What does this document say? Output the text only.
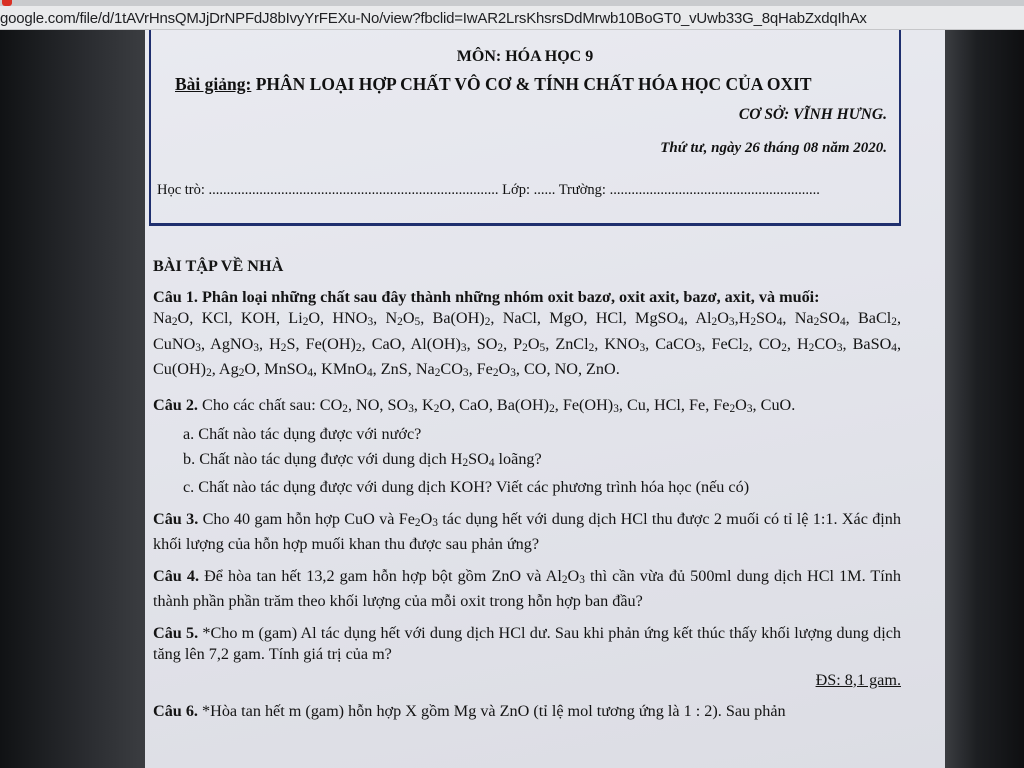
google.com/file/d/1tAVrHnsQMJjDrNPFdJ8bIvyYrFEXu-No/view?fbclid=IwAR2LrsKhsrsDdMrwb10BoGT0_vUwb33G_8qHabZxdqIhAx
MÔN: HÓA HỌC 9
Bài giảng: PHÂN LOẠI HỢP CHẤT VÔ CƠ & TÍNH CHẤT HÓA HỌC CỦA OXIT
CƠ SỞ: VĨNH HƯNG.
Thứ tư, ngày 26 tháng 08 năm 2020.
Học trò: ................................................................................ Lớp: ...... Trường: ..........................................................

BÀI TẬP VỀ NHÀ

Câu 1. Phân loại những chất sau đây thành những nhóm oxit bazơ, oxit axit, bazơ, axit, và muối:
$Na_2O$, KCl, KOH, $Li_2O$, $HNO_3$, $N_2O_5$, $Ba(OH)_2$, NaCl, MgO, HCl, MgSO$_4$, $Al_2O_3,H_2SO_4$, $Na_2SO_4$, BaCl$_2$, CuNO$_3$, AgNO$_3$, $H_2S$, $Fe(OH)_2$, CaO, $Al(OH)_3$, $SO_2$, $P_2O_5$, ZnCl$_2$, $KNO_3$, CaCO$_3$, FeCl$_2$, $CO_2$, $H_2CO_3$, BaSO$_4$, $Cu(OH)_2$, $Ag_2O$, MnSO$_4$, KMnO$_4$, ZnS, $Na_2CO_3$, $Fe_2O_3$, CO, NO, ZnO.

Câu 2. Cho các chất sau: $CO_2$, NO, $SO_3$, $K_2O$, CaO, $Ba(OH)_2$, $Fe(OH)_3$, Cu, HCl, Fe, $Fe_2O_3$, CuO.

a. Chất nào tác dụng được với nước?

b. Chất nào tác dụng được với dung dịch $H_2SO_4$ loãng?

c. Chất nào tác dụng được với dung dịch KOH? Viết các phương trình hóa học (nếu có)

Câu 3. Cho 40 gam hỗn hợp CuO và $Fe_2O_3$ tác dụng hết với dung dịch HCl thu được 2 muối có tỉ lệ 1:1. Xác định khối lượng của hỗn hợp muối khan thu được sau phản ứng?

Câu 4. Để hòa tan hết 13,2 gam hỗn hợp bột gồm ZnO và $Al_2O_3$ thì cần vừa đủ 500ml dung dịch HCl 1M. Tính thành phần phần trăm theo khối lượng của mỗi oxit trong hỗn hợp ban đầu?

Câu 5. *Cho m (gam) Al tác dụng hết với dung dịch HCl dư. Sau khi phản ứng kết thúc thấy khối lượng dung dịch tăng lên 7,2 gam. Tính giá trị của m?

ĐS: 8,1 gam.

Câu 6. *Hòa tan hết m (gam) hỗn hợp X gồm Mg và ZnO (tỉ lệ mol tương ứng là 1 : 2). Sau phản
